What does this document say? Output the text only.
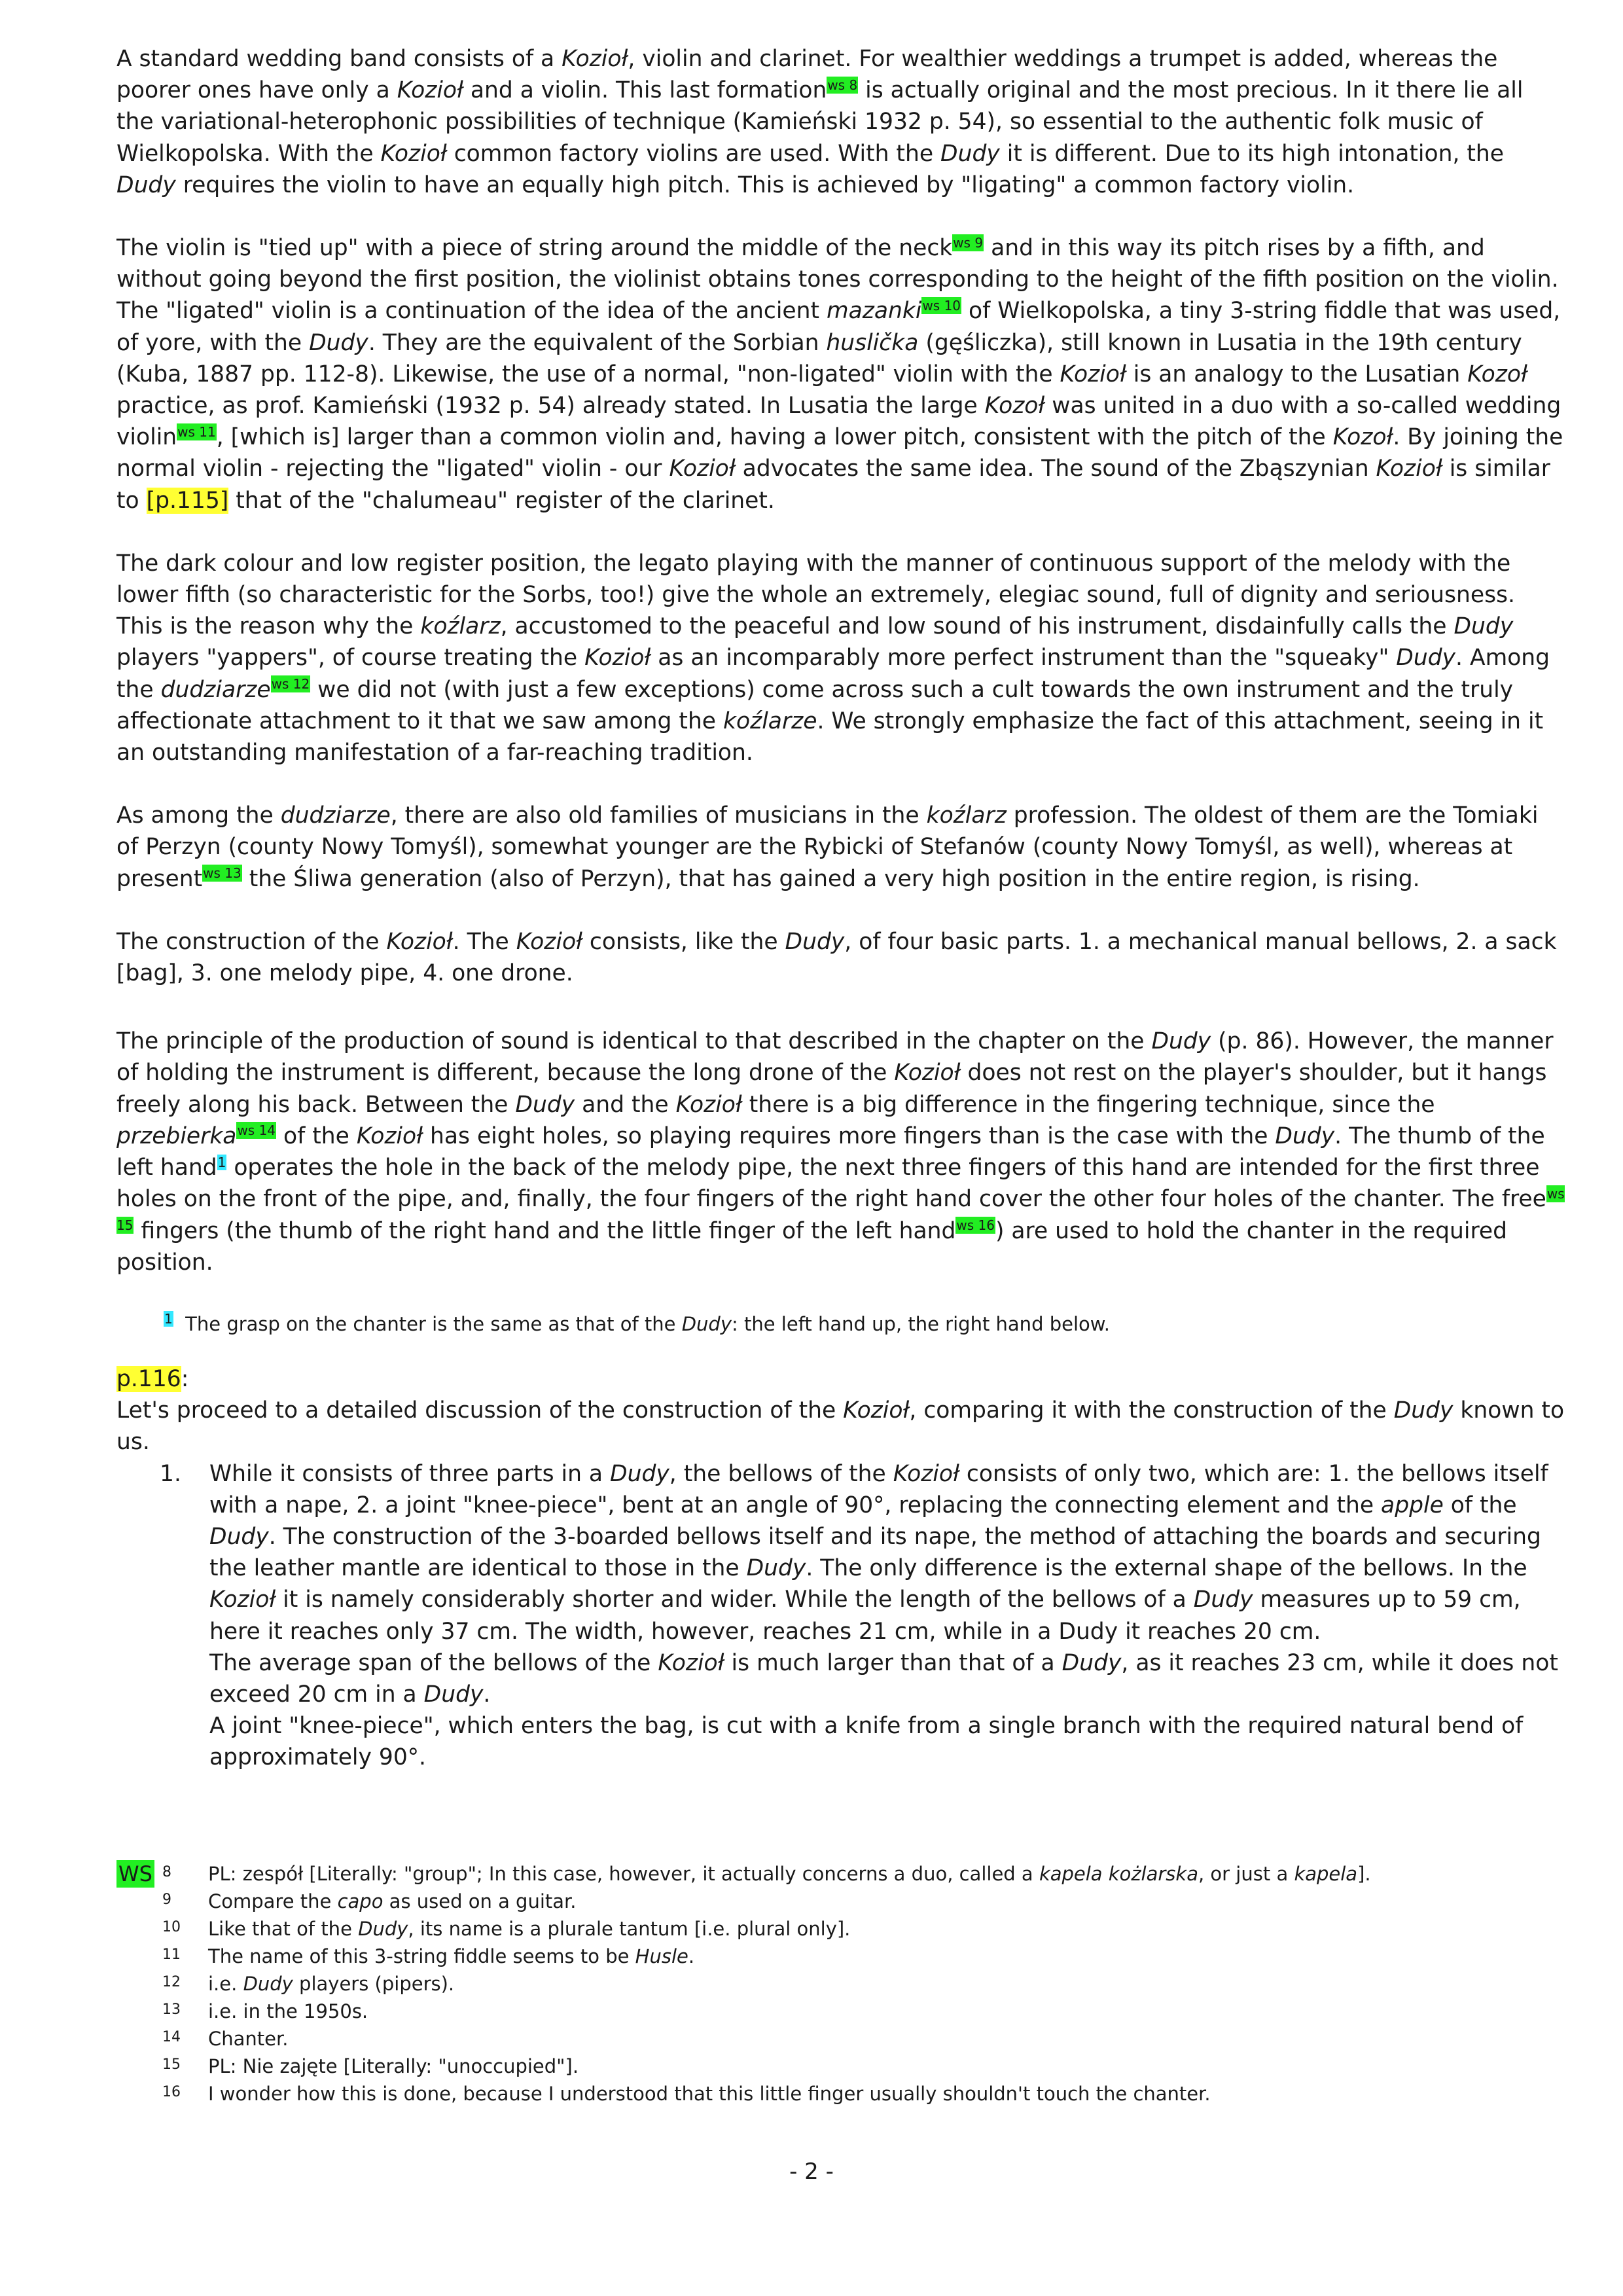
A standard wedding band consists of a Kozioł, violin and clarinet. For wealthier weddings a trumpet is added, whereas the poorer ones have only a Kozioł and a violin. This last formation$^{ws 8}$ is actually original and the most precious. In it there lie all the variational-heterophonic possibilities of technique (Kamieński 1932 p. 54), so essential to the authentic folk music of Wielkopolska. With the Kozioł common factory violins are used. With the Dudy it is different. Due to its high intonation, the Dudy requires the violin to have an equally high pitch. This is achieved by "ligating" a common factory violin.

The violin is "tied up" with a piece of string around the middle of the neck$^{ws 9}$ and in this way its pitch rises by a fifth, and without going beyond the first position, the violinist obtains tones corresponding to the height of the fifth position on the violin. The "ligated" violin is a continuation of the idea of the ancient mazanki$^{ws 10}$ of Wielkopolska, a tiny 3-string fiddle that was used, of yore, with the Dudy. They are the equivalent of the Sorbian huslička (gęśliczka), still known in Lusatia in the 19th century (Kuba, 1887 pp. 112-8). Likewise, the use of a normal, "non-ligated" violin with the Kozioł is an analogy to the Lusatian Kozoł practice, as prof. Kamieński (1932 p. 54) already stated. In Lusatia the large Kozoł was united in a duo with a so-called wedding violin$^{ws 11}$, [which is] larger than a common violin and, having a lower pitch, consistent with the pitch of the Kozoł. By joining the normal violin - rejecting the "ligated" violin - our Kozioł advocates the same idea. The sound of the Zbąszynian Kozioł is similar to [p.115] that of the "chalumeau" register of the clarinet.

The dark colour and low register position, the legato playing with the manner of continuous support of the melody with the lower fifth (so characteristic for the Sorbs, too!) give the whole an extremely, elegiac sound, full of dignity and seriousness. This is the reason why the koźlarz, accustomed to the peaceful and low sound of his instrument, disdainfully calls the Dudy players "yappers", of course treating the Kozioł as an incomparably more perfect instrument than the "squeaky" Dudy. Among the dudziarze$^{ws 12}$ we did not (with just a few exceptions) come across such a cult towards the own instrument and the truly affectionate attachment to it that we saw among the koźlarze. We strongly emphasize the fact of this attachment, seeing in it an outstanding manifestation of a far-reaching tradition.

As among the dudziarze, there are also old families of musicians in the koźlarz profession. The oldest of them are the Tomiaki of Perzyn (county Nowy Tomyśl), somewhat younger are the Rybicki of Stefanów (county Nowy Tomyśl, as well), whereas at present$^{ws 13}$ the Śliwa generation (also of Perzyn), that has gained a very high position in the entire region, is rising.

The construction of the Kozioł. The Kozioł consists, like the Dudy, of four basic parts. 1. a mechanical manual bellows, 2. a sack [bag], 3. one melody pipe, 4. one drone.

The principle of the production of sound is identical to that described in the chapter on the Dudy (p. 86). However, the manner of holding the instrument is different, because the long drone of the Kozioł does not rest on the player's shoulder, but it hangs freely along his back. Between the Dudy and the Kozioł there is a big difference in the fingering technique, since the przebierka$^{ws 14}$ of the Kozioł has eight holes, so playing requires more fingers than is the case with the Dudy. The thumb of the left hand$^1$ operates the hole in the back of the melody pipe, the next three fingers of this hand are intended for the first three holes on the front of the pipe, and, finally, the four fingers of the right hand cover the other four holes of the chanter. The free$^{ws 15}$ fingers (the thumb of the right hand and the little finger of the left hand$^{ws 16}$) are used to hold the chanter in the required position.

$^1$ The grasp on the chanter is the same as that of the Dudy: the left hand up, the right hand below.
p.116:
Let's proceed to a detailed discussion of the construction of the Kozioł, comparing it with the construction of the Dudy known to us.
1. While it consists of three parts in a Dudy, the bellows of the Kozioł consists of only two, which are: 1. the bellows itself with a nape, 2. a joint "knee-piece", bent at an angle of 90°, replacing the connecting element and the apple of the Dudy. The construction of the 3-boarded bellows itself and its nape, the method of attaching the boards and securing the leather mantle are identical to those in the Dudy. The only difference is the external shape of the bellows. In the Kozioł it is namely considerably shorter and wider. While the length of the bellows of a Dudy measures up to 59 cm, here it reaches only 37 cm. The width, however, reaches 21 cm, while in a Dudy it reaches 20 cm.
The average span of the bellows of the Kozioł is much larger than that of a Dudy, as it reaches 23 cm, while it does not exceed 20 cm in a Dudy.
A joint "knee-piece", which enters the bag, is cut with a knife from a single branch with the required natural bend of approximately 90°.
WS 8	PL: zespół [Literally: "group"; In this case, however, it actually concerns a duo, called a kapela kożlarska, or just a kapela].
9	Compare the capo as used on a guitar.
10	Like that of the Dudy, its name is a plurale tantum [i.e. plural only].
11	The name of this 3-string fiddle seems to be Husle.
12	i.e. Dudy players (pipers).
13	i.e. in the 1950s.
14	Chanter.
15	PL: Nie zajęte [Literally: "unoccupied"].
16	I wonder how this is done, because I understood that this little finger usually shouldn't touch the chanter.
- 2 -
